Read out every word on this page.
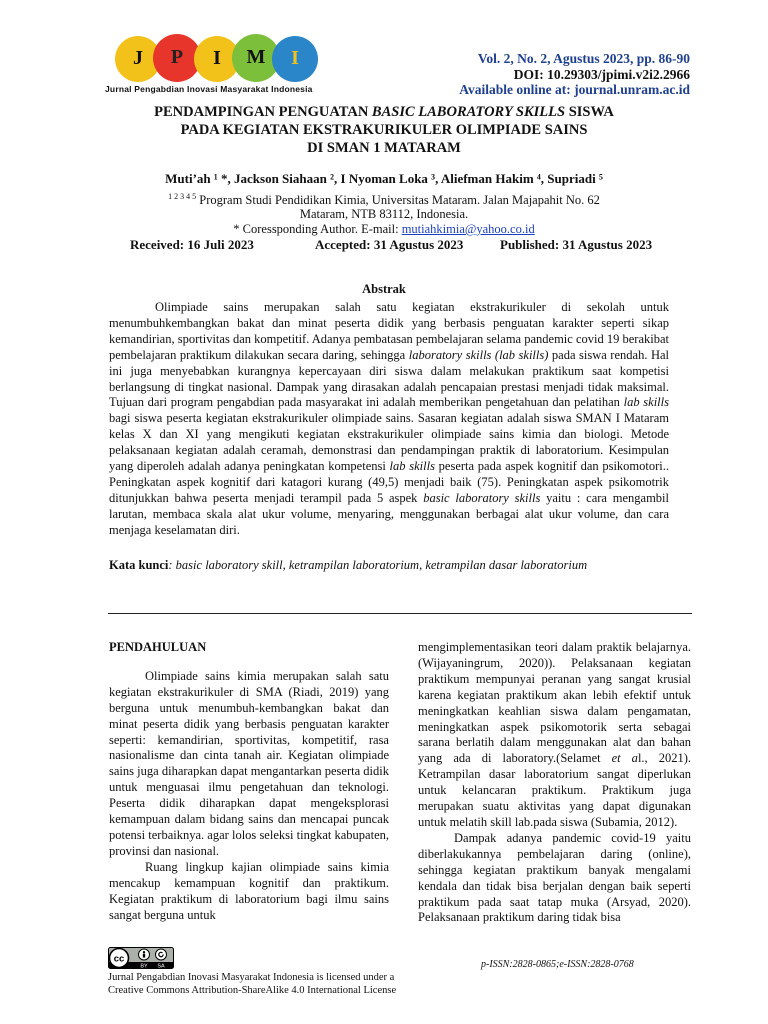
J	P	I	M	I
Jurnal Pengabdian Inovasi Masyarakat Indonesia
Vol. 2, No. 2, Agustus 2023, pp. 86-90
DOI: 10.29303/jpimi.v2i2.2966
Available online at: journal.unram.ac.id
PENDAMPINGAN PENGUATAN BASIC LABORATORY SKILLS SISWA
PADA KEGIATAN EKSTRAKURIKULER OLIMPIADE SAINS
DI SMAN 1 MATARAM
Muti’ah ¹ *, Jackson Siahaan ², I Nyoman Loka ³, Aliefman Hakim ⁴, Supriadi ⁵
$^{1 2 3 4 5}$ Program Studi Pendidikan Kimia, Universitas Mataram. Jalan Majapahit No. 62
Mataram, NTB 83112, Indonesia.
* Coressponding Author. E-mail: mutiahkimia@yahoo.co.id
Received: 16 Juli 2023	Accepted: 31 Agustus 2023	Published: 31 Agustus 2023
Abstrak
Olimpiade sains merupakan salah satu kegiatan ekstrakurikuler di sekolah untuk menumbuhkembangkan bakat dan minat peserta didik yang berbasis penguatan karakter seperti sikap kemandirian, sportivitas dan kompetitif. Adanya pembatasan pembelajaran selama pandemic covid 19 berakibat pembelajaran praktikum dilakukan secara daring, sehingga laboratory skills (lab skills) pada siswa rendah. Hal ini juga menyebabkan kurangnya kepercayaan diri siswa dalam melakukan praktikum saat kompetisi berlangsung di tingkat nasional. Dampak yang dirasakan adalah pencapaian prestasi menjadi tidak maksimal. Tujuan dari program pengabdian pada masyarakat ini adalah memberikan pengetahuan dan pelatihan lab skills bagi siswa peserta kegiatan ekstrakurikuler olimpiade sains. Sasaran kegiatan adalah siswa SMAN I Mataram kelas X dan XI yang mengikuti kegiatan ekstrakurikuler olimpiade sains kimia dan biologi. Metode pelaksanaan kegiatan adalah ceramah, demonstrasi dan pendampingan praktik di laboratorium. Kesimpulan yang diperoleh adalah adanya peningkatan kompetensi lab skills peserta pada aspek kognitif dan psikomotori.. Peningkatan aspek kognitif dari katagori kurang (49,5) menjadi baik (75). Peningkatan aspek psikomotrik ditunjukkan bahwa peserta menjadi terampil pada 5 aspek basic laboratory skills yaitu : cara mengambil larutan, membaca skala alat ukur volume, menyaring, menggunakan berbagai alat ukur volume, dan cara menjaga keselamatan diri.
Kata kunci: basic laboratory skill, ketrampilan laboratorium, ketrampilan dasar laboratorium

PENDAHULUAN

Olimpiade sains kimia merupakan salah satu kegiatan ekstrakurikuler di SMA (Riadi, 2019) yang berguna untuk menumbuh-kembangkan bakat dan minat peserta didik yang berbasis penguatan karakter seperti: kemandirian, sportivitas, kompetitif, rasa nasionalisme dan cinta tanah air. Kegiatan olimpiade sains juga diharapkan dapat mengantarkan peserta didik untuk menguasai ilmu pengetahuan dan teknologi. Peserta didik diharapkan dapat mengeksplorasi kemampuan dalam bidang sains dan mencapai puncak potensi terbaiknya. agar lolos seleksi tingkat kabupaten, provinsi dan nasional.

Ruang lingkup kajian olimpiade sains kimia mencakup kemampuan kognitif dan praktikum. Kegiatan praktikum di laboratorium bagi ilmu sains sangat berguna untuk

mengimplementasikan teori dalam praktik belajarnya. (Wijayaningrum, 2020)). Pelaksanaan kegiatan praktikum mempunyai peranan yang sangat krusial karena kegiatan praktikum akan lebih efektif untuk meningkatkan keahlian siswa dalam pengamatan, meningkatkan aspek psikomotorik serta sebagai sarana berlatih dalam menggunakan alat dan bahan yang ada di laboratory.(Selamet et al., 2021). Ketrampilan dasar laboratorium sangat diperlukan untuk kelancaran praktikum. Praktikum juga merupakan suatu aktivitas yang dapat digunakan untuk melatih skill lab.pada siswa (Subamia, 2012).

Dampak adanya pandemic covid-19 yaitu diberlakukannya pembelajaran daring (online), sehingga kegiatan praktikum banyak mengalami kendala dan tidak bisa berjalan dengan baik seperti praktikum pada saat tatap muka (Arsyad, 2020). Pelaksanaan praktikum daring tidak bisa

cc
BY SA
Jurnal Pengabdian Inovasi Masyarakat Indonesia is licensed under a
Creative Commons Attribution-ShareAlike 4.0 International License
p-ISSN:2828-0865;e-ISSN:2828-0768
